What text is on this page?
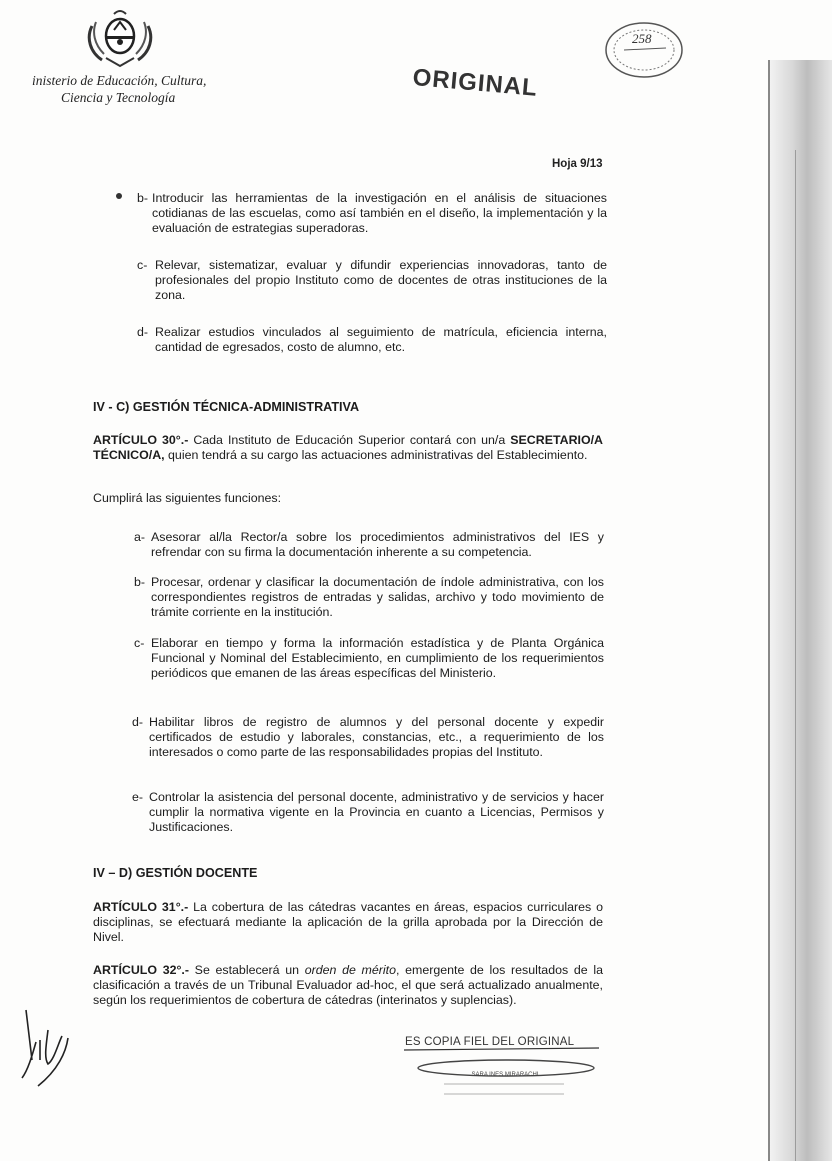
inisterio de Educación, Cultura,
Ciencia y Tecnología	ORIGINAL
258
Hoja 9/13
b- Introducir las herramientas de la investigación en el análisis de situaciones cotidianas de las escuelas, como así también en el diseño, la implementación y la evaluación de estrategias superadoras.
c- Relevar, sistematizar, evaluar y difundir experiencias innovadoras, tanto de profesionales del propio Instituto como de docentes de otras instituciones de la zona.
d- Realizar estudios vinculados al seguimiento de matrícula, eficiencia interna, cantidad de egresados, costo de alumno, etc.
IV - C) GESTIÓN TÉCNICA-ADMINISTRATIVA
ARTÍCULO 30°.- Cada Instituto de Educación Superior contará con un/a SECRETARIO/A TÉCNICO/A, quien tendrá a su cargo las actuaciones administrativas del Establecimiento.
Cumplirá las siguientes funciones:
a- Asesorar al/la Rector/a sobre los procedimientos administrativos del IES y refrendar con su firma la documentación inherente a su competencia.
b- Procesar, ordenar y clasificar la documentación de índole administrativa, con los correspondientes registros de entradas y salidas, archivo y todo movimiento de trámite corriente en la institución.
c- Elaborar en tiempo y forma la información estadística y de Planta Orgánica Funcional y Nominal del Establecimiento, en cumplimiento de los requerimientos periódicos que emanen de las áreas específicas del Ministerio.
d- Habilitar libros de registro de alumnos y del personal docente y expedir certificados de estudio y laborales, constancias, etc., a requerimiento de los interesados o como parte de las responsabilidades propias del Instituto.
e- Controlar la asistencia del personal docente, administrativo y de servicios y hacer cumplir la normativa vigente en la Provincia en cuanto a Licencias, Permisos y Justificaciones.
IV – D) GESTIÓN DOCENTE
ARTÍCULO 31°.- La cobertura de las cátedras vacantes en áreas, espacios curriculares o disciplinas, se efectuará mediante la aplicación de la grilla aprobada por la Dirección de Nivel.
ARTÍCULO 32°.- Se establecerá un orden de mérito, emergente de los resultados de la clasificación a través de un Tribunal Evaluador ad-hoc, el que será actualizado anualmente, según los requerimientos de cobertura de cátedras (interinatos y suplencias).
ES COPIA FIEL DEL ORIGINAL
SARA INES MIRARACHI
